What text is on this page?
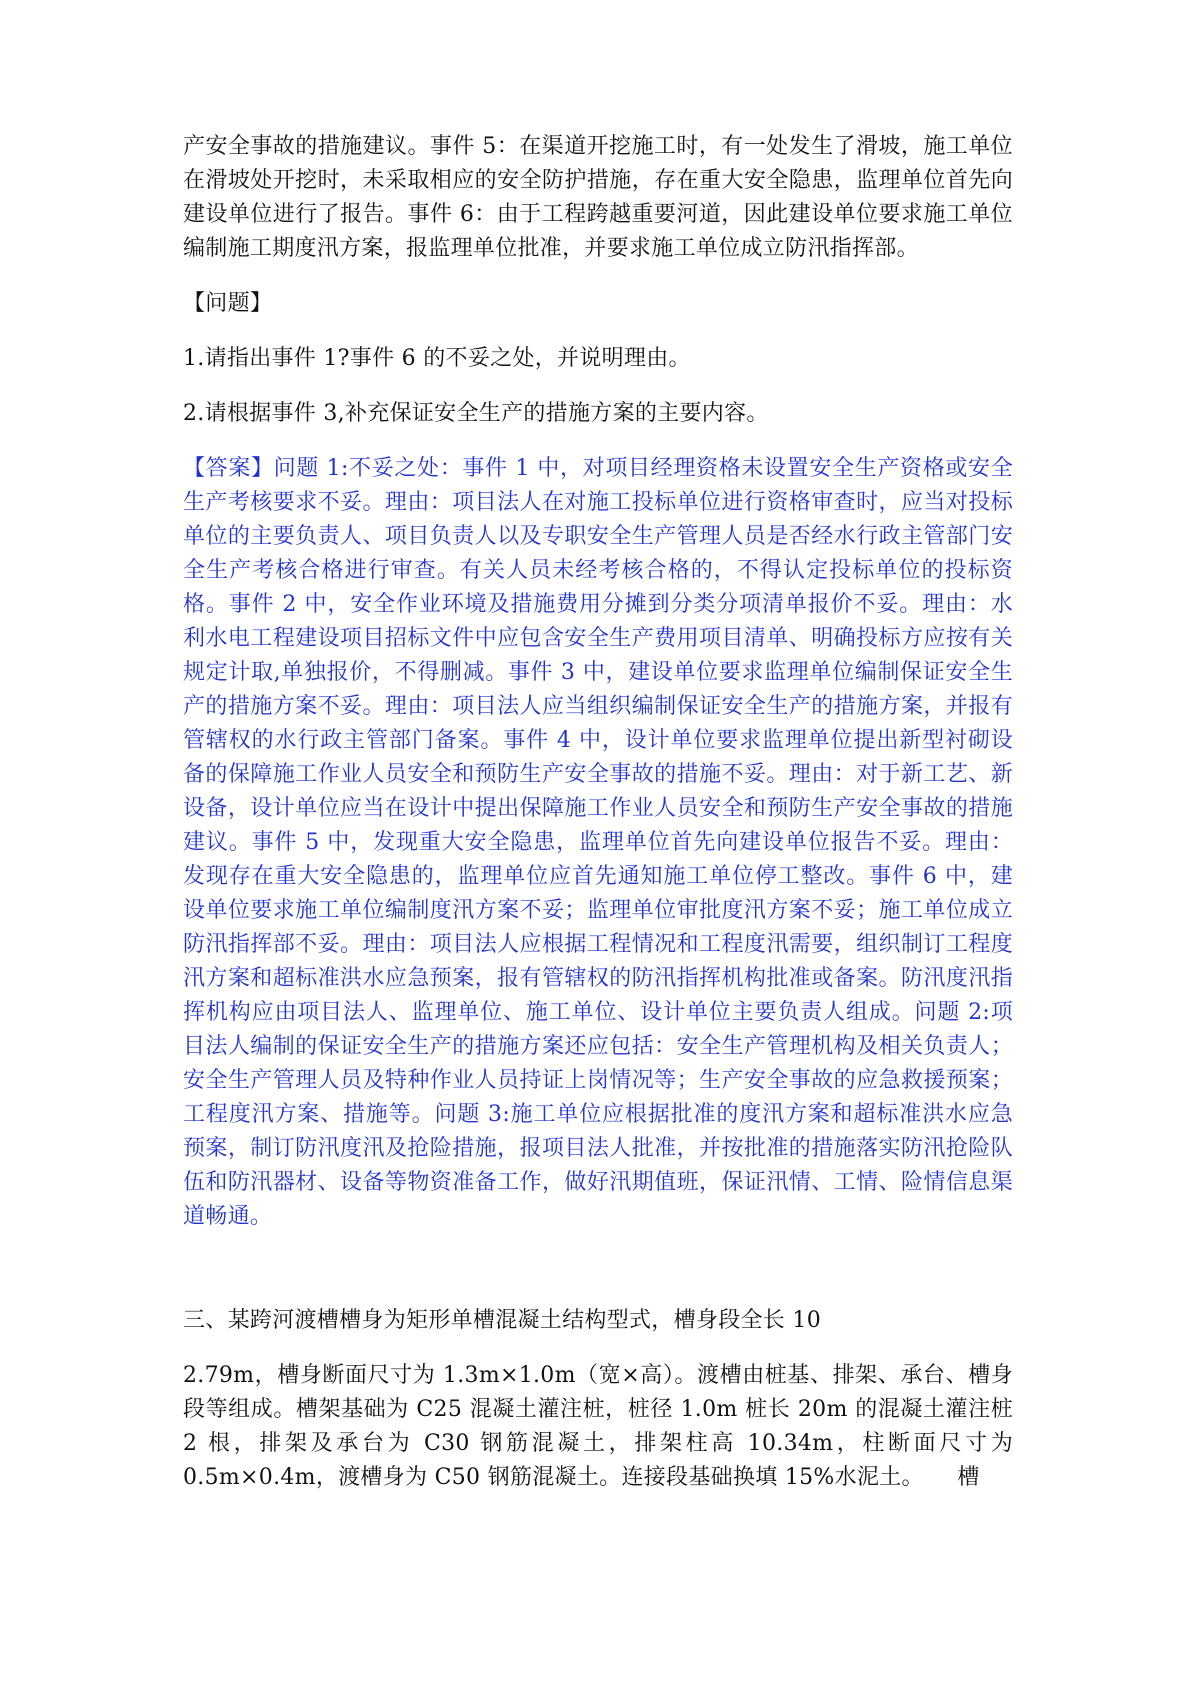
产安全事故的措施建议。事件 5：在渠道开挖施工时，有一处发生了滑坡，施工单位在滑坡处开挖时，未采取相应的安全防护措施，存在重大安全隐患，监理单位首先向建设单位进行了报告。事件 6：由于工程跨越重要河道，因此建设单位要求施工单位编制施工期度汛方案，报监理单位批准，并要求施工单位成立防汛指挥部。

【问题】

1.请指出事件 1?事件 6 的不妥之处，并说明理由。

2.请根据事件 3,补充保证安全生产的措施方案的主要内容。

【答案】问题 1:不妥之处：事件 1 中，对项目经理资格未设置安全生产资格或安全生产考核要求不妥。理由：项目法人在对施工投标单位进行资格审查时，应当对投标单位的主要负责人、项目负责人以及专职安全生产管理人员是否经水行政主管部门安全生产考核合格进行审查。有关人员未经考核合格的，不得认定投标单位的投标资格。事件 2 中，安全作业环境及措施费用分摊到分类分项清单报价不妥。理由：水利水电工程建设项目招标文件中应包含安全生产费用项目清单、明确投标方应按有关规定计取,单独报价，不得删减。事件 3 中，建设单位要求监理单位编制保证安全生产的措施方案不妥。理由：项目法人应当组织编制保证安全生产的措施方案，并报有管辖权的水行政主管部门备案。事件 4 中，设计单位要求监理单位提出新型衬砌设备的保障施工作业人员安全和预防生产安全事故的措施不妥。理由：对于新工艺、新设备，设计单位应当在设计中提出保障施工作业人员安全和预防生产安全事故的措施建议。事件 5 中，发现重大安全隐患，监理单位首先向建设单位报告不妥。理由：发现存在重大安全隐患的，监理单位应首先通知施工单位停工整改。事件 6 中，建设单位要求施工单位编制度汛方案不妥；监理单位审批度汛方案不妥；施工单位成立防汛指挥部不妥。理由：项目法人应根据工程情况和工程度汛需要，组织制订工程度汛方案和超标准洪水应急预案，报有管辖权的防汛指挥机构批准或备案。防汛度汛指挥机构应由项目法人、监理单位、施工单位、设计单位主要负责人组成。问题 2:项目法人编制的保证安全生产的措施方案还应包括：安全生产管理机构及相关负责人；安全生产管理人员及特种作业人员持证上岗情况等；生产安全事故的应急救援预案；工程度汛方案、措施等。问题 3:施工单位应根据批准的度汛方案和超标准洪水应急预案，制订防汛度汛及抢险措施，报项目法人批准，并按批准的措施落实防汛抢险队伍和防汛器材、设备等物资准备工作，做好汛期值班，保证汛情、工情、险情信息渠道畅通。

三、某跨河渡槽槽身为矩形单槽混凝土结构型式，槽身段全长 10

2.79m，槽身断面尺寸为 1.3m×1.0m（宽×高）。渡槽由桩基、排架、承台、槽身段等组成。槽架基础为 C25 混凝土灌注桩，桩径 1.0m 桩长 20m 的混凝土灌注桩 2 根，排架及承台为 C30 钢筋混凝土，排架柱高 10.34m，柱断面尺寸为 0.5m×0.4m，渡槽身为 C50 钢筋混凝土。连接段基础换填 15%水泥土。　　槽
